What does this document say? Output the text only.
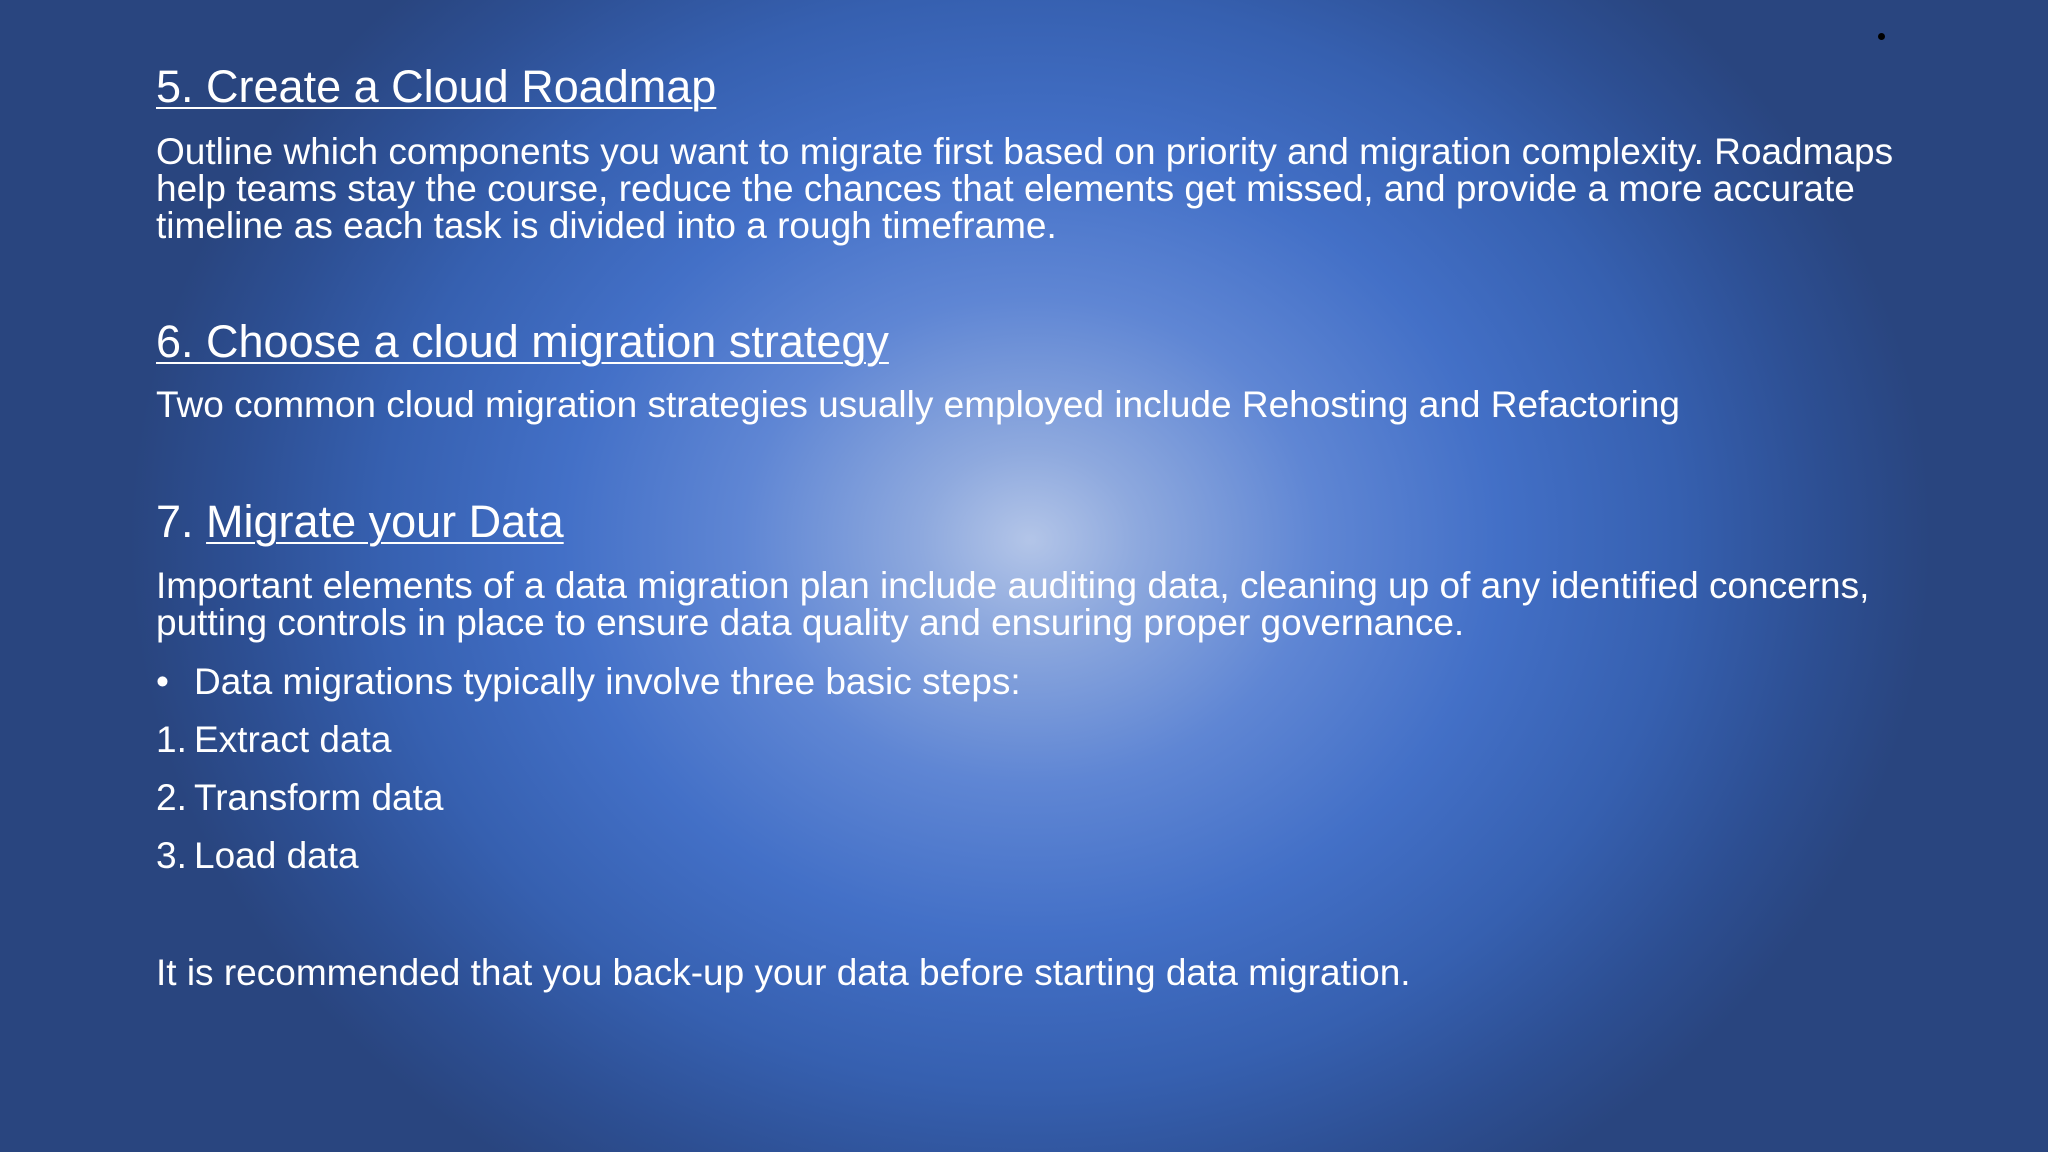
5. Create a Cloud Roadmap

Outline which components you want to migrate first based on priority and migration complexity. Roadmaps help teams stay the course, reduce the chances that elements get missed, and provide a more accurate timeline as each task is divided into a rough timeframe.

6. Choose a cloud migration strategy

Two common cloud migration strategies usually employed include Rehosting and Refactoring

7. Migrate your Data

Important elements of a data migration plan include auditing data, cleaning up of any identified concerns, putting controls in place to ensure data quality and ensuring proper governance.

• Data migrations typically involve three basic steps:
1. Extract data
2. Transform data
3. Load data

It is recommended that you back-up your data before starting data migration.
